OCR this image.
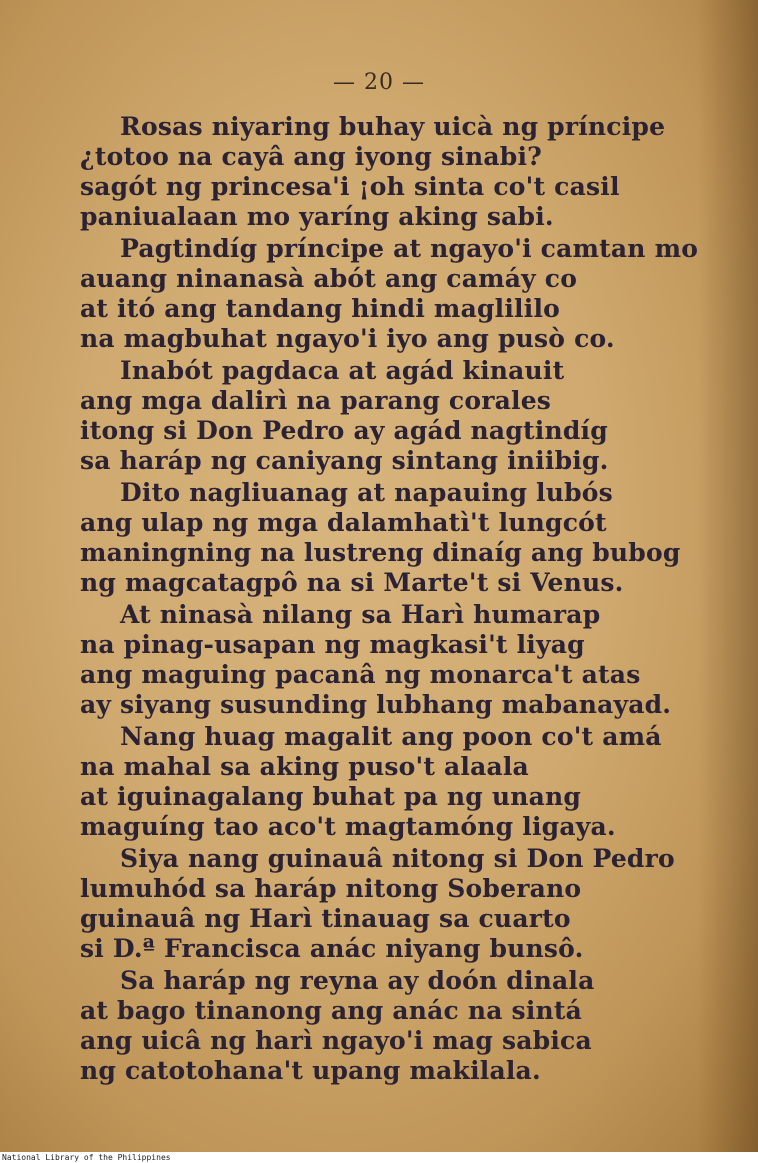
— 20 —
Rosas niyaring buhay uicà ng príncipe
¿totoo na cayâ ang iyong sinabi?
sagót ng princesa'i ¡oh sinta co't casil
paniualaan mo yaríng aking sabi.
Pagtindíg príncipe at ngayo'i camtan mo
auang ninanasà abót ang camáy co
at itó ang tandang hindi maglililo
na magbuhat ngayo'i iyo ang pusò co.
Inabót pagdaca at agád kinauit
ang mga dalirì na parang corales
itong si Don Pedro ay agád nagtindíg
sa haráp ng caniyang sintang iniibig.
Dito nagliuanag at napauing lubós
ang ulap ng mga dalamhatì't lungcót
maningning na lustreng dinaíg ang bubog
ng magcatagpô na si Marte't si Venus.
At ninasà nilang sa Harì humarap
na pinag-usapan ng magkasi't liyag
ang maguing pacanâ ng monarca't atas
ay siyang susunding lubhang mabanayad.
Nang huag magalit ang poon co't amá
na mahal sa aking puso't alaala
at iguinagalang buhat pa ng unang
maguíng tao aco't magtamóng ligaya.
Siya nang guinauâ nitong si Don Pedro
lumuhód sa haráp nitong Soberano
guinauâ ng Harì tinauag sa cuarto
si D.ª Francisca anác niyang bunsô.
Sa haráp ng reyna ay doón dinala
at bago tinanong ang anác na sintá
ang uicâ ng harì ngayo'i mag sabica
ng catotohana't upang makilala.
National Library of the Philippines
